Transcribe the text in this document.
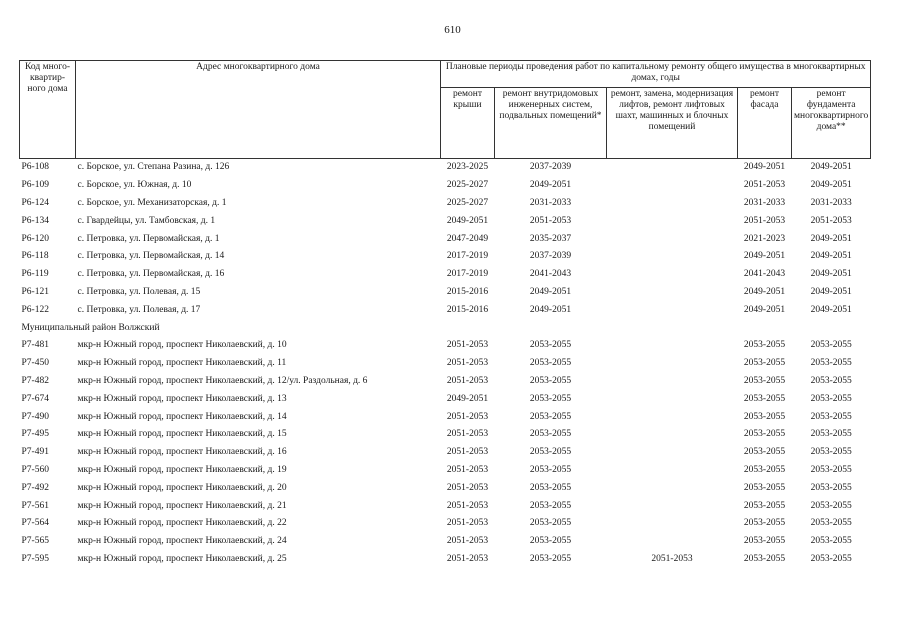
610
Код много-квартир-ного дома	Адрес многоквартирного дома	Плановые периоды проведения работ по капитальному ремонту общего имущества в многоквартирных домах, годы				
		ремонт крыши	ремонт внутридомовых инженерных систем, подвальных помещений*	ремонт, замена, модернизация лифтов, ремонт лифтовых шахт, машинных и блочных помещений	ремонт фасада	ремонт фундамента многоквартирного дома**
Р6-108	с. Борское, ул. Степана Разина, д. 126	2023-2025	2037-2039		2049-2051	2049-2051
Р6-109	с. Борское, ул. Южная, д. 10	2025-2027	2049-2051		2051-2053	2049-2051
Р6-124	с. Борское, ул. Механизаторская, д. 1	2025-2027	2031-2033		2031-2033	2031-2033
Р6-134	с. Гвардейцы, ул. Тамбовская, д. 1	2049-2051	2051-2053		2051-2053	2051-2053
Р6-120	с. Петровка, ул. Первомайская, д. 1	2047-2049	2035-2037		2021-2023	2049-2051
Р6-118	с. Петровка, ул. Первомайская, д. 14	2017-2019	2037-2039		2049-2051	2049-2051
Р6-119	с. Петровка, ул. Первомайская, д. 16	2017-2019	2041-2043		2041-2043	2049-2051
Р6-121	с. Петровка, ул. Полевая, д. 15	2015-2016	2049-2051		2049-2051	2049-2051
Р6-122	с. Петровка, ул. Полевая, д. 17	2015-2016	2049-2051		2049-2051	2049-2051
Муниципальный район Волжский						
Р7-481	мкр-н Южный город, проспект Николаевский, д. 10	2051-2053	2053-2055		2053-2055	2053-2055
Р7-450	мкр-н Южный город, проспект Николаевский, д. 11	2051-2053	2053-2055		2053-2055	2053-2055
Р7-482	мкр-н Южный город, проспект Николаевский, д. 12/ул. Раздольная, д. 6	2051-2053	2053-2055		2053-2055	2053-2055
Р7-674	мкр-н Южный город, проспект Николаевский, д. 13	2049-2051	2053-2055		2053-2055	2053-2055
Р7-490	мкр-н Южный город, проспект Николаевский, д. 14	2051-2053	2053-2055		2053-2055	2053-2055
Р7-495	мкр-н Южный город, проспект Николаевский, д. 15	2051-2053	2053-2055		2053-2055	2053-2055
Р7-491	мкр-н Южный город, проспект Николаевский, д. 16	2051-2053	2053-2055		2053-2055	2053-2055
Р7-560	мкр-н Южный город, проспект Николаевский, д. 19	2051-2053	2053-2055		2053-2055	2053-2055
Р7-492	мкр-н Южный город, проспект Николаевский, д. 20	2051-2053	2053-2055		2053-2055	2053-2055
Р7-561	мкр-н Южный город, проспект Николаевский, д. 21	2051-2053	2053-2055		2053-2055	2053-2055
Р7-564	мкр-н Южный город, проспект Николаевский, д. 22	2051-2053	2053-2055		2053-2055	2053-2055
Р7-565	мкр-н Южный город, проспект Николаевский, д. 24	2051-2053	2053-2055		2053-2055	2053-2055
Р7-595	мкр-н Южный город, проспект Николаевский, д. 25	2051-2053	2053-2055	2051-2053	2053-2055	2053-2055
